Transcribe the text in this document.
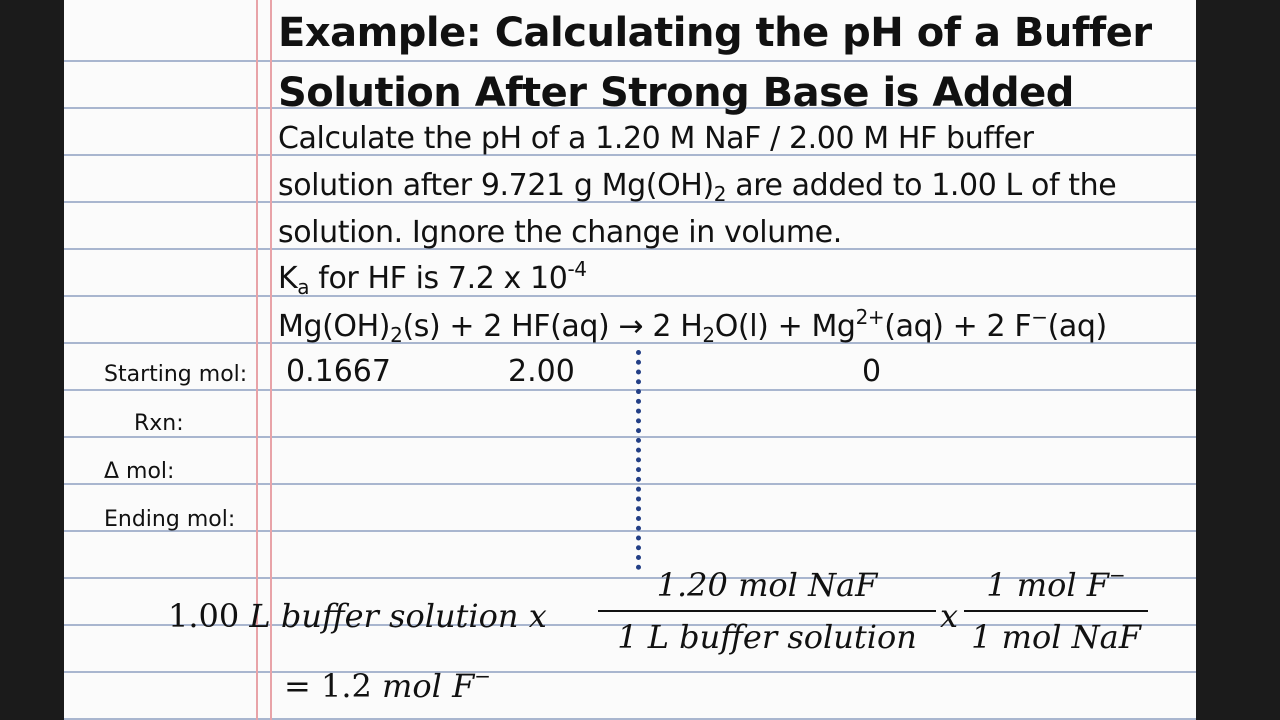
Example: Calculating the pH of a Buffer
Solution After Strong Base is Added
Calculate the pH of a 1.20 M NaF / 2.00 M HF buffer
solution after 9.721 g $Mg(OH)_2$ are added to 1.00 L of the
solution. Ignore the change in volume.
$K_a$ for HF is 7.2 x $10^{-4}$
$Mg(OH)_2(s) + 2$ HF(aq) → 2 $H_2O(l) + Mg^{2+}(aq) + 2$ F−(aq)
Starting mol:
Rxn:
Δ mol:
Ending mol:
0.1667	2.00	0
1.00 L buffer solution x
1.20 mol NaF
1 L buffer solution
x
1 mol F−
1 mol NaF
= 1.2 mol F−
